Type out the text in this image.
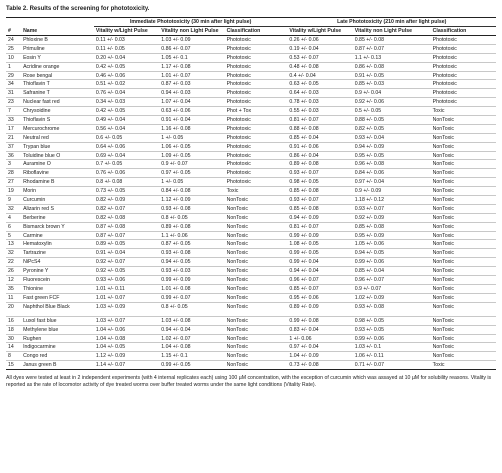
Table 2. Results of the screening for phototoxicity.
		Immediate Phototoxicity (30 min after light pulse)			Late Phototoxicity (210 min after light pulse)		
#	Name	Vitality w/Light Pulse	Vitality non Light Pulse	Classification	Vitality w/Light Pulse	Vitality non Light Pulse	Classification
24	Phloxine B	0.11 +/- 0.03	1.03 +/- 0.09	Phototoxic	0.26 +/- 0.06	0.85 +/- 0.08	Phototoxic
25	Primuline	0.11 +/- 0.05	0.86 +/- 0.07	Phototoxic	0.19 +/- 0.04	0.87 +/- 0.07	Phototoxic
10	Eosin Y	0.20 +/- 0.04	1.05 +/- 0.1	Phototoxic	0.53 +/- 0.07	1.1 +/- 0.13	Phototoxic
1	Acridine orange	0.42 +/- 0.05	1.17 +/- 0.08	Phototoxic	0.48 +/- 0.08	0.86 +/- 0.08	Phototoxic
29	Rose bengal	0.46 +/- 0.06	1.01 +/- 0.07	Phototoxic	0.4 +/- 0.04	0.91 +/- 0.05	Phototoxic
34	Thioflavin T	0.51 +/- 0.02	0.87 +/- 0.03	Phototoxic	0.63 +/- 0.05	0.85 +/- 0.03	Phototoxic
31	Safranine T	0.76 +/- 0.04	0.94 +/- 0.03	Phototoxic	0.64 +/- 0.03	0.9 +/- 0.04	Phototoxic
23	Nuclear fast red	0.34 +/- 0.03	1.07 +/- 0.04	Phototoxic	0.78 +/- 0.03	0.92 +/- 0.06	Phototoxic
7	Chrysoidine	0.42 +/- 0.05	0.63 +/- 0.06	Phot + Tox	0.55 +/- 0.03	0.5 +/- 0.05	Toxic
33	Thioflavin S	0.49 +/- 0.04	0.91 +/- 0.04	Phototoxic	0.81 +/- 0.07	0.88 +/- 0.05	NonToxic
17	Mercurochrome	0.56 +/- 0.04	1.16 +/- 0.08	Phototoxic	0.88 +/- 0.08	0.82 +/- 0.05	NonToxic
21	Neutral red	0.6 +/- 0.05	1 +/- 0.05	Phototoxic	0.85 +/- 0.04	0.93 +/- 0.04	NonToxic
37	Trypan blue	0.64 +/- 0.06	1.06 +/- 0.05	Phototoxic	0.91 +/- 0.06	0.94 +/- 0.09	NonToxic
36	Toluidine blue O	0.69 +/- 0.04	1.09 +/- 0.05	Phototoxic	0.86 +/- 0.04	0.95 +/- 0.05	NonToxic
3	Auramine O	0.7 +/- 0.05	0.9 +/- 0.07	Phototoxic	0.89 +/- 0.08	0.96 +/- 0.08	NonToxic
28	Riboflavine	0.76 +/- 0.06	0.97 +/- 0.05	Phototoxic	0.93 +/- 0.07	0.84 +/- 0.06	NonToxic
27	Rhodamine B	0.8 +/- 0.08	1 +/- 0.05	Phototoxic	0.98 +/- 0.05	0.97 +/- 0.04	NonToxic
19	Morin	0.73 +/- 0.05	0.84 +/- 0.08	Toxic	0.85 +/- 0.08	0.9 +/- 0.09	NonToxic
9	Curcumin	0.82 +/- 0.09	1.12 +/- 0.09	NonToxic	0.93 +/- 0.07	1.18 +/- 0.12	NonToxic
32	Alizarin red S	0.82 +/- 0.07	0.93 +/- 0.08	NonToxic	0.85 +/- 0.08	0.93 +/- 0.07	NonToxic
4	Berberine	0.82 +/- 0.08	0.8 +/- 0.05	NonToxic	0.94 +/- 0.09	0.92 +/- 0.09	NonToxic
6	Bismarck brown Y	0.87 +/- 0.08	0.89 +/- 0.08	NonToxic	0.81 +/- 0.07	0.85 +/- 0.08	NonToxic
5	Carmine	0.87 +/- 0.07	1.1 +/- 0.06	NonToxic	0.99 +/- 0.09	0.95 +/- 0.09	NonToxic
13	Hematoxylin	0.89 +/- 0.05	0.87 +/- 0.05	NonToxic	1.08 +/- 0.05	1.05 +/- 0.06	NonToxic
32	Tartrazine	0.91 +/- 0.04	0.93 +/- 0.08	NonToxic	0.99 +/- 0.05	0.94 +/- 0.05	NonToxic
22	NiPcS4	0.92 +/- 0.07	0.94 +/- 0.05	NonToxic	0.99 +/- 0.04	0.99 +/- 0.06	NonToxic
26	Pyronine Y	0.92 +/- 0.05	0.93 +/- 0.03	NonToxic	0.94 +/- 0.04	0.85 +/- 0.04	NonToxic
12	Fluorescein	0.93 +/- 0.06	0.99 +/- 0.09	NonToxic	0.96 +/- 0.07	0.96 +/- 0.07	NonToxic
35	Thionine	1.01 +/- 0.11	1.01 +/- 0.08	NonToxic	0.85 +/- 0.07	0.9 +/- 0.07	NonToxic
11	Fast green FCF	1.01 +/- 0.07	0.99 +/- 0.07	NonToxic	0.95 +/- 0.06	1.02 +/- 0.09	NonToxic
20	Naphthol Blue Black	1.03 +/- 0.09	0.8 +/- 0.05	NonToxic	0.89 +/- 0.09	0.93 +/- 0.08	NonToxic
16	Luxol fast blue	1.03 +/- 0.07	1.03 +/- 0.08	NonToxic	0.99 +/- 0.08	0.98 +/- 0.05	NonToxic
18	Methylene blue	1.04 +/- 0.06	0.94 +/- 0.04	NonToxic	0.83 +/- 0.04	0.93 +/- 0.05	NonToxic
30	Rughen	1.04 +/- 0.08	1.02 +/- 0.07	NonToxic	1 +/- 0.06	0.99 +/- 0.06	NonToxic
14	Indigocarmine	1.04 +/- 0.05	1.04 +/- 0.08	NonToxic	0.97 +/- 0.04	1.03 +/- 0.1	NonToxic
8	Congo red	1.12 +/- 0.09	1.15 +/- 0.1	NonToxic	1.04 +/- 0.09	1.06 +/- 0.11	NonToxic
15	Janus green B	1.14 +/- 0.07	0.99 +/- 0.05	NonToxic	0.73 +/- 0.08	0.71 +/- 0.07	Toxic
All dyes were tested at least in 2 independent experiments (with 4 internal replicates each) using 100 µM concentration, with the exception of curcumin which was assayed at 10 µM for solubility reasons. Vitality is reported as the rate of locomotor activity of dye treated worms over buffer treated worms under the same light conditions (Vitality Rate).
